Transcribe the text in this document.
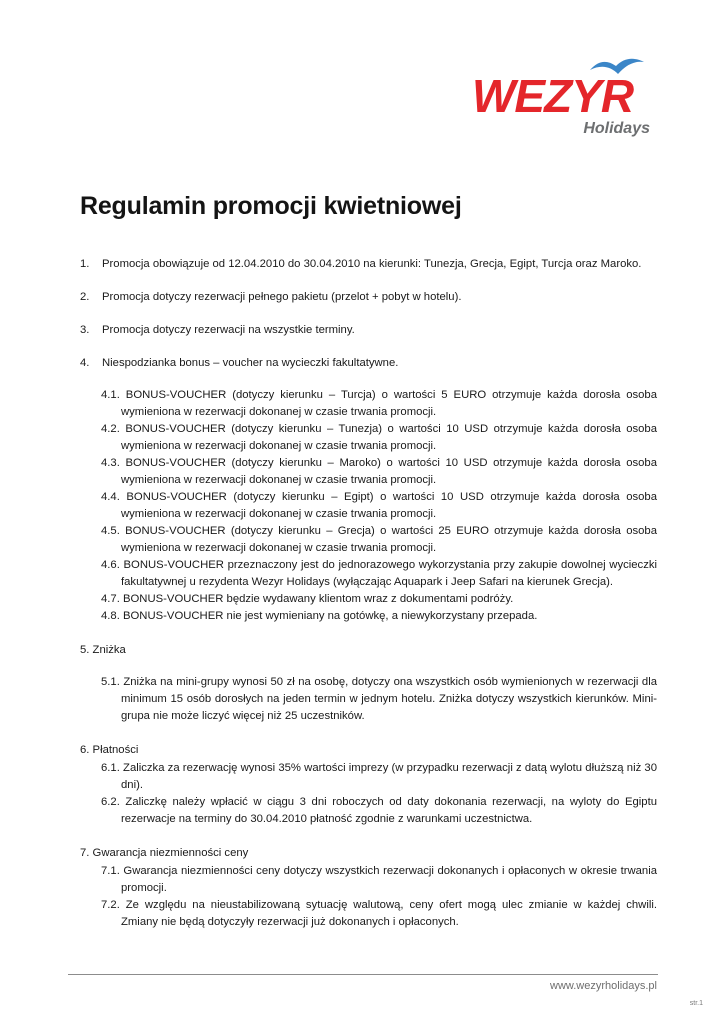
WEZYR
Holidays
Regulamin promocji kwietniowej
1.	Promocja obowiązuje od 12.04.2010 do 30.04.2010 na kierunki: Tunezja, Grecja, Egipt, Turcja oraz Maroko.
2.	Promocja dotyczy rezerwacji pełnego pakietu (przelot + pobyt w hotelu).
3.	Promocja dotyczy rezerwacji na wszystkie terminy.
4.	Niespodzianka bonus – voucher na wycieczki fakultatywne.
4.1. BONUS-VOUCHER (dotyczy kierunku – Turcja) o wartości 5 EURO otrzymuje każda dorosła osoba wymieniona w rezerwacji dokonanej w czasie trwania promocji.
4.2. BONUS-VOUCHER (dotyczy kierunku – Tunezja) o wartości 10 USD otrzymuje każda dorosła osoba wymieniona w rezerwacji dokonanej w czasie trwania promocji.
4.3. BONUS-VOUCHER (dotyczy kierunku – Maroko) o wartości 10 USD otrzymuje każda dorosła osoba wymieniona w rezerwacji dokonanej w czasie trwania promocji.
4.4. BONUS-VOUCHER (dotyczy kierunku – Egipt) o wartości 10 USD otrzymuje każda dorosła osoba wymieniona w rezerwacji dokonanej w czasie trwania promocji.
4.5. BONUS-VOUCHER (dotyczy kierunku – Grecja) o wartości 25 EURO otrzymuje każda dorosła osoba wymieniona w rezerwacji dokonanej w czasie trwania promocji.
4.6. BONUS-VOUCHER przeznaczony jest do jednorazowego wykorzystania przy zakupie dowolnej wycieczki fakultatywnej u rezydenta Wezyr Holidays (wyłączając Aquapark i Jeep Safari na kierunek Grecja).
4.7. BONUS-VOUCHER będzie wydawany klientom wraz z dokumentami podróży.
4.8. BONUS-VOUCHER nie jest wymieniany na gotówkę, a niewykorzystany przepada.
5. Zniżka
5.1. Zniżka na mini-grupy wynosi 50 zł na osobę, dotyczy ona wszystkich osób wymienionych w rezerwacji dla minimum 15 osób dorosłych na jeden termin w jednym hotelu. Zniżka dotyczy wszystkich kierunków. Mini-grupa nie może liczyć więcej niż 25 uczestników.
6. Płatności
6.1. Zaliczka za rezerwację wynosi 35% wartości imprezy (w przypadku rezerwacji z datą wylotu dłuższą niż 30 dni).
6.2. Zaliczkę należy wpłacić w ciągu 3 dni roboczych od daty dokonania rezerwacji, na wyloty do Egiptu rezerwacje na terminy do 30.04.2010 płatność zgodnie z warunkami uczestnictwa.
7. Gwarancja niezmienności ceny
7.1. Gwarancja niezmienności ceny dotyczy wszystkich rezerwacji dokonanych i opłaconych w okresie trwania promocji.
7.2. Ze względu na nieustabilizowaną sytuację walutową, ceny ofert mogą ulec zmianie w każdej chwili. Zmiany nie będą dotyczyły rezerwacji już dokonanych i opłaconych.
www.wezyrholidays.pl
str.1
